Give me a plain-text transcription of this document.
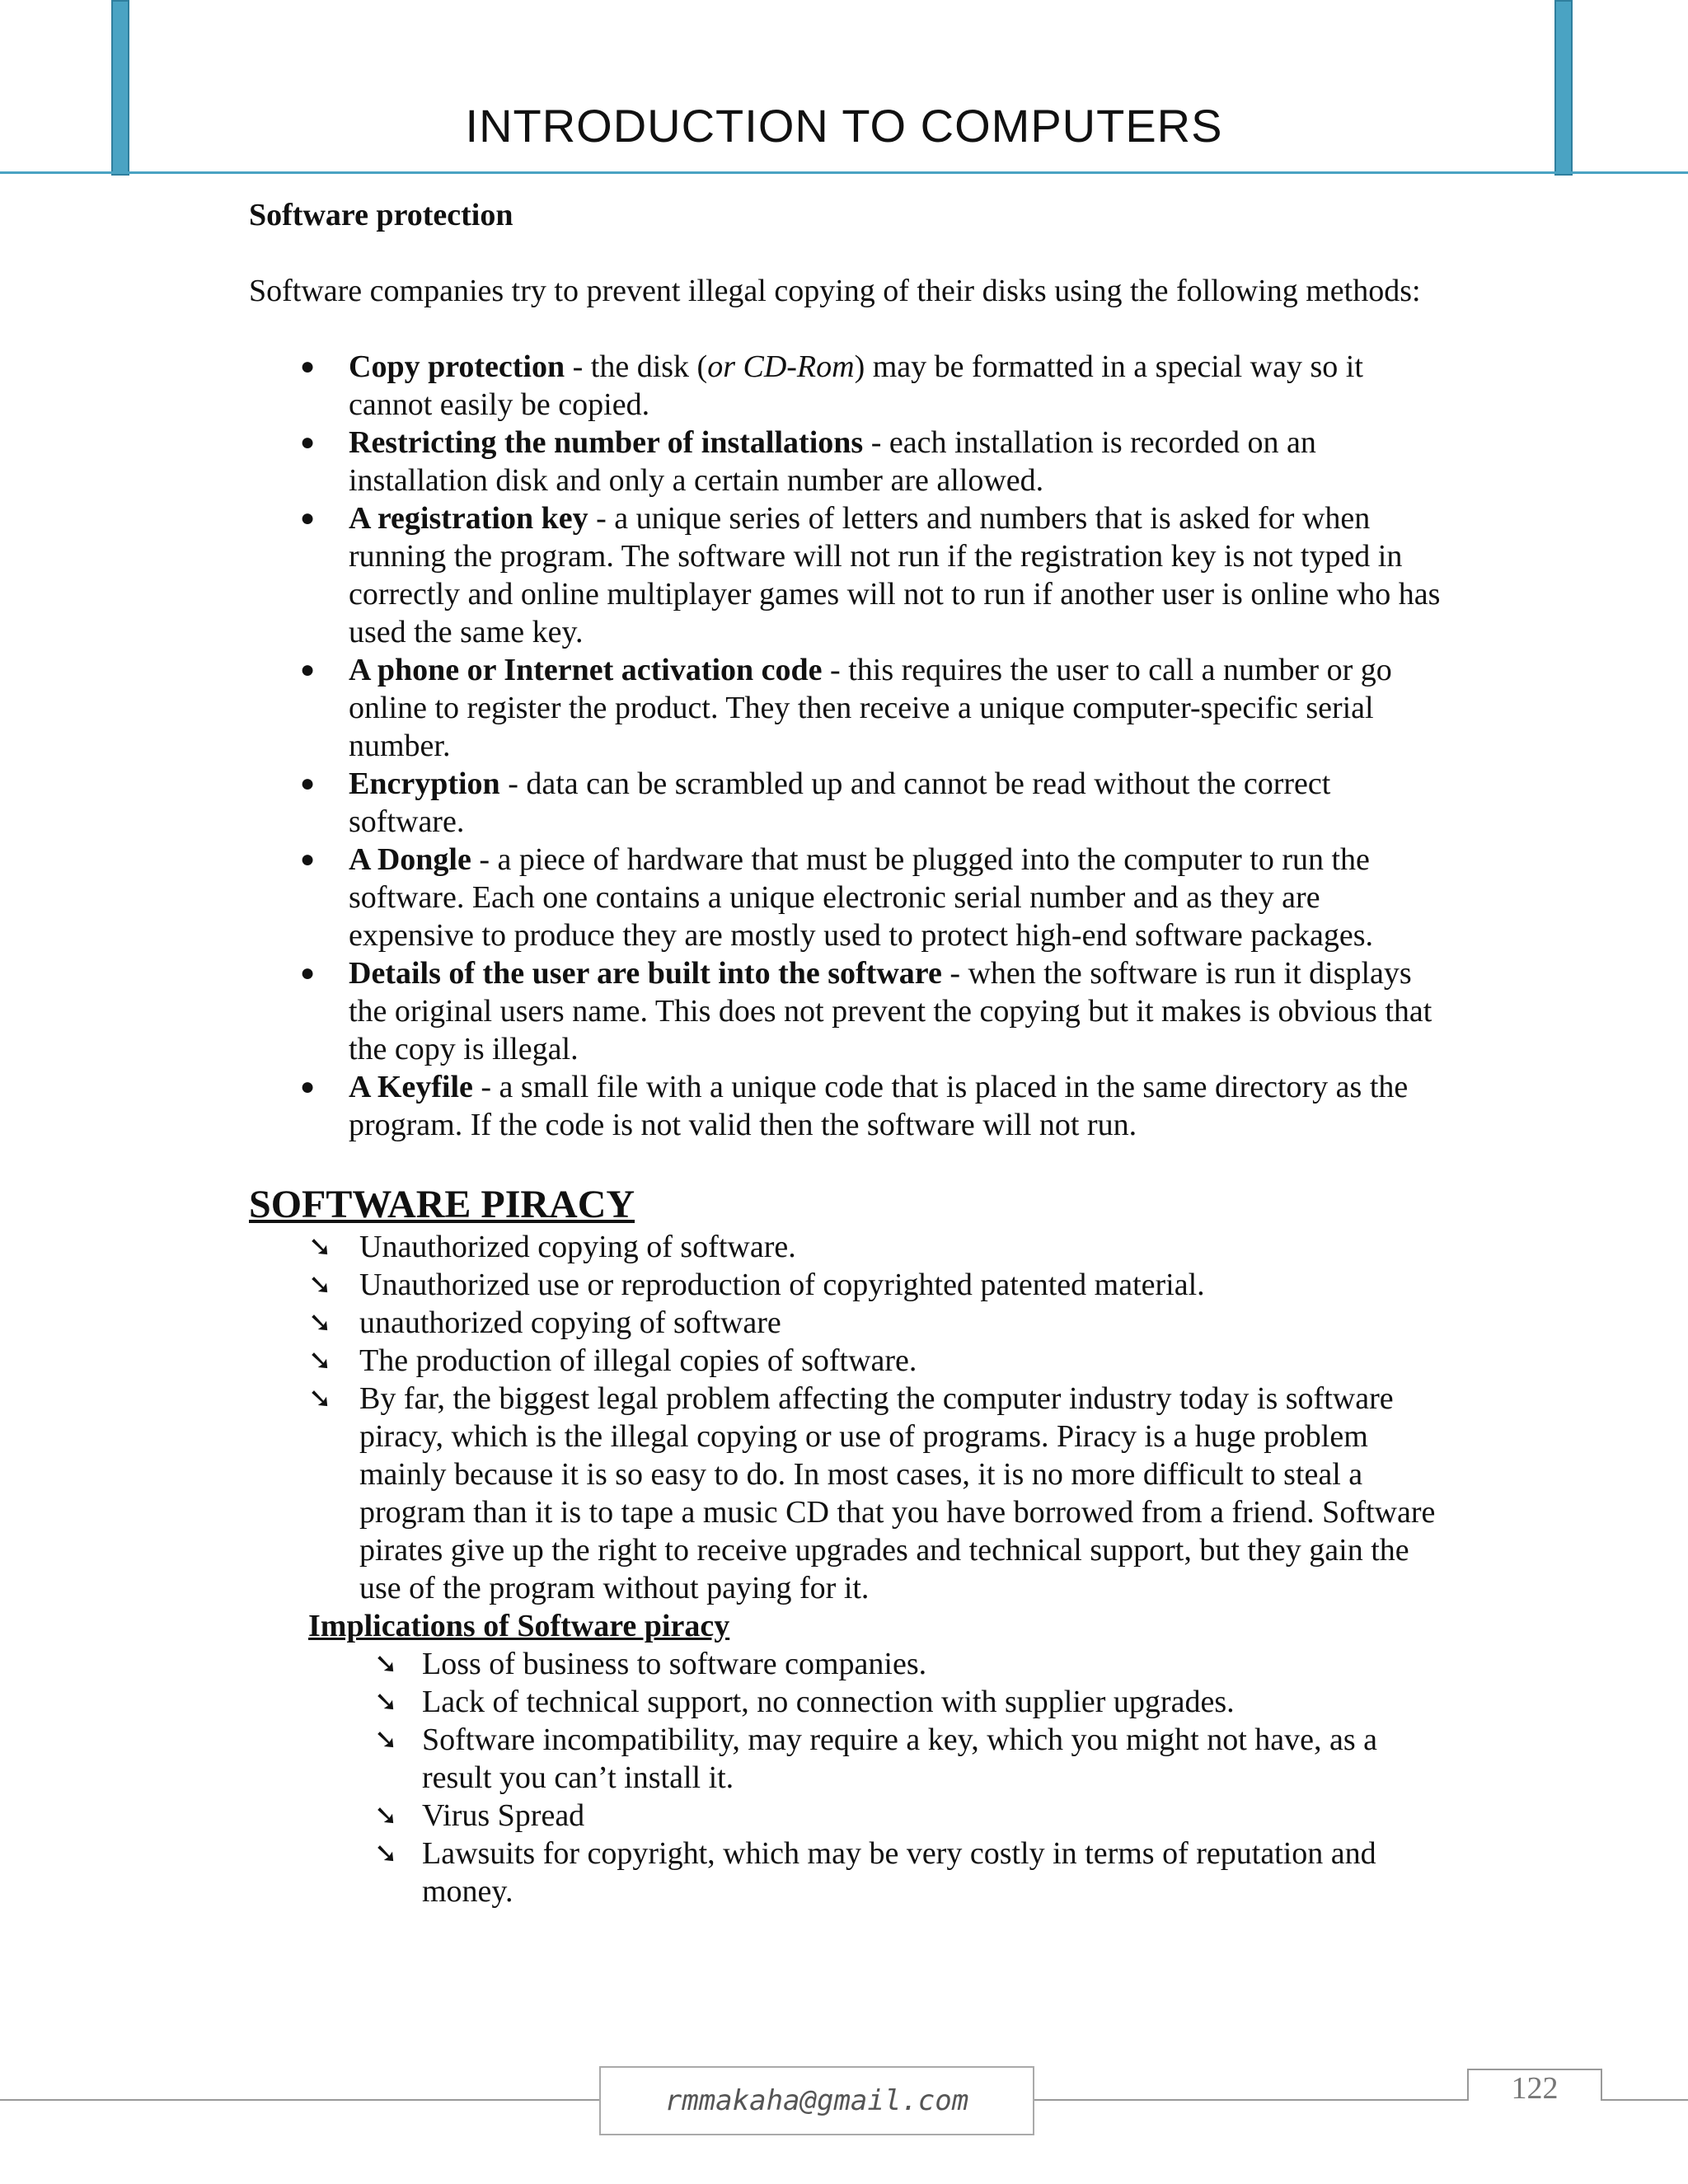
INTRODUCTION TO COMPUTERS

Software protection

Software companies try to prevent illegal copying of their disks using the following methods:

● Copy protection - the disk (or CD-Rom) may be formatted in a special way so it cannot easily be copied.
● Restricting the number of installations - each installation is recorded on an installation disk and only a certain number are allowed.
● A registration key - a unique series of letters and numbers that is asked for when running the program. The software will not run if the registration key is not typed in correctly and online multiplayer games will not to run if another user is online who has used the same key.
● A phone or Internet activation code - this requires the user to call a number or go online to register the product. They then receive a unique computer-specific serial number.
● Encryption - data can be scrambled up and cannot be read without the correct software.
● A Dongle - a piece of hardware that must be plugged into the computer to run the software. Each one contains a unique electronic serial number and as they are expensive to produce they are mostly used to protect high-end software packages.
● Details of the user are built into the software - when the software is run it displays the original users name. This does not prevent the copying but it makes is obvious that the copy is illegal.
● A Keyfile - a small file with a unique code that is placed in the same directory as the program. If the code is not valid then the software will not run.
SOFTWARE PIRACY
➘ Unauthorized copying of software.
➘ Unauthorized use or reproduction of copyrighted patented material.
➘ unauthorized copying of software
➘ The production of illegal copies of software.
➘ By far, the biggest legal problem affecting the computer industry today is software piracy, which is the illegal copying or use of programs. Piracy is a huge problem mainly because it is so easy to do. In most cases, it is no more difficult to steal a program than it is to tape a music CD that you have borrowed from a friend. Software pirates give up the right to receive upgrades and technical support, but they gain the use of the program without paying for it.
Implications of Software piracy
➘ Loss of business to software companies.
➘ Lack of technical support, no connection with supplier upgrades.
➘ Software incompatibility, may require a key, which you might not have, as a result you can’t install it.
➘ Virus Spread
➘ Lawsuits for copyright, which may be very costly in terms of reputation and money.
rmmakaha@gmail.com	122
